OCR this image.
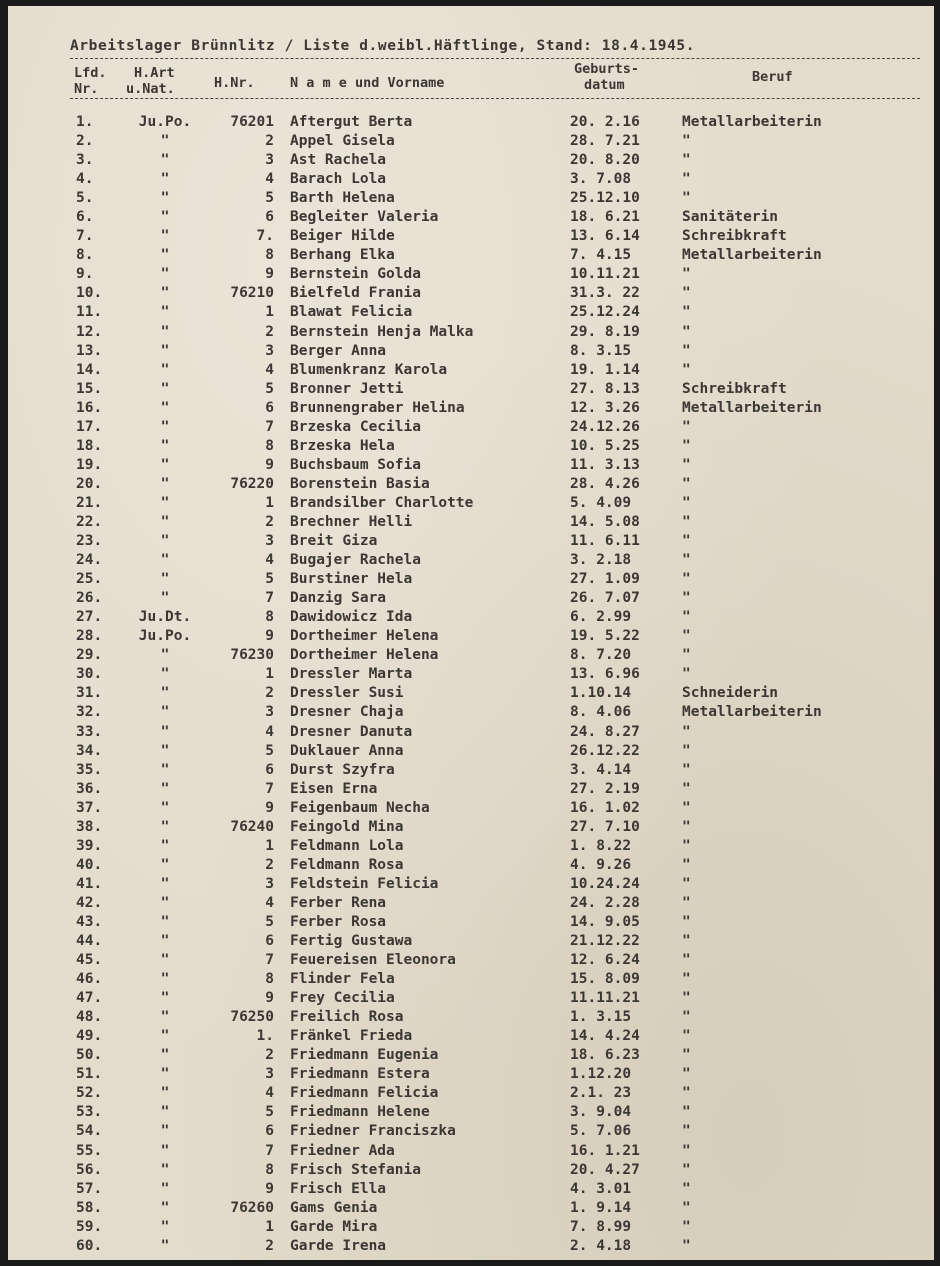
Arbeitslager Brünnlitz / Liste d.weibl.Häftlinge, Stand: 18.4.1945.
Lfd.
Nr.
H.Art
u.Nat.	H.Nr.	N a m e und Vorname
Geburts-
datum	Beruf
1.	Ju.Po.	76201 Aftergut Berta	20. 2.16	Metallarbeiterin
2.	"	2 Appel Gisela	28. 7.21	"
3.	"	3 Ast Rachela	20. 8.20	"
4.	"	4 Barach Lola	3. 7.08	"
5.	"	5 Barth Helena	25.12.10	"
6.	"	6 Begleiter Valeria	18. 6.21	Sanitäterin
7.	"	7. Beiger Hilde	13. 6.14	Schreibkraft
8.	"	8 Berhang Elka	7. 4.15	Metallarbeiterin
9.	"	9 Bernstein Golda	10.11.21	"
10.	"	76210 Bielfeld Frania	31.3. 22	"
11.	"	1 Blawat Felicia	25.12.24	"
12.	"	2 Bernstein Henja Malka	29. 8.19	"
13.	"	3 Berger Anna	8. 3.15	"
14.	"	4 Blumenkranz Karola	19. 1.14	"
15.	"	5 Bronner Jetti	27. 8.13	Schreibkraft
16.	"	6 Brunnengraber Helina	12. 3.26	Metallarbeiterin
17.	"	7 Brzeska Cecilia	24.12.26	"
18.	"	8 Brzeska Hela	10. 5.25	"
19.	"	9 Buchsbaum Sofia	11. 3.13	"
20.	"	76220 Borenstein Basia	28. 4.26	"
21.	"	1 Brandsilber Charlotte	5. 4.09	"
22.	"	2 Brechner Helli	14. 5.08	"
23.	"	3 Breit Giza	11. 6.11	"
24.	"	4 Bugajer Rachela	3. 2.18	"
25.	"	5 Burstiner Hela	27. 1.09	"
26.	"	7 Danzig Sara	26. 7.07	"
27.	Ju.Dt.	8 Dawidowicz Ida	6. 2.99	"
28.	Ju.Po.	9 Dortheimer Helena	19. 5.22	"
29.	"	76230 Dortheimer Helena	8. 7.20	"
30.	"	1 Dressler Marta	13. 6.96	"
31.	"	2 Dressler Susi	1.10.14	Schneiderin
32.	"	3 Dresner Chaja	8. 4.06	Metallarbeiterin
33.	"	4 Dresner Danuta	24. 8.27	"
34.	"	5 Duklauer Anna	26.12.22	"
35.	"	6 Durst Szyfra	3. 4.14	"
36.	"	7 Eisen Erna	27. 2.19	"
37.	"	9 Feigenbaum Necha	16. 1.02	"
38.	"	76240 Feingold Mina	27. 7.10	"
39.	"	1 Feldmann Lola	1. 8.22	"
40.	"	2 Feldmann Rosa	4. 9.26	"
41.	"	3 Feldstein Felicia	10.24.24	"
42.	"	4 Ferber Rena	24. 2.28	"
43.	"	5 Ferber Rosa	14. 9.05	"
44.	"	6 Fertig Gustawa	21.12.22	"
45.	"	7 Feuereisen Eleonora	12. 6.24	"
46.	"	8 Flinder Fela	15. 8.09	"
47.	"	9 Frey Cecilia	11.11.21	"
48.	"	76250 Freilich Rosa	1. 3.15	"
49.	"	1. Fränkel Frieda	14. 4.24	"
50.	"	2 Friedmann Eugenia	18. 6.23	"
51.	"	3 Friedmann Estera	1.12.20	"
52.	"	4 Friedmann Felicia	2.1. 23	"
53.	"	5 Friedmann Helene	3. 9.04	"
54.	"	6 Friedner Franciszka	5. 7.06	"
55.	"	7 Friedner Ada	16. 1.21	"
56.	"	8 Frisch Stefania	20. 4.27	"
57.	"	9 Frisch Ella	4. 3.01	"
58.	"	76260 Gams Genia	1. 9.14	"
59.	"	1 Garde Mira	7. 8.99	"
60.	"	2 Garde Irena	2. 4.18	"
